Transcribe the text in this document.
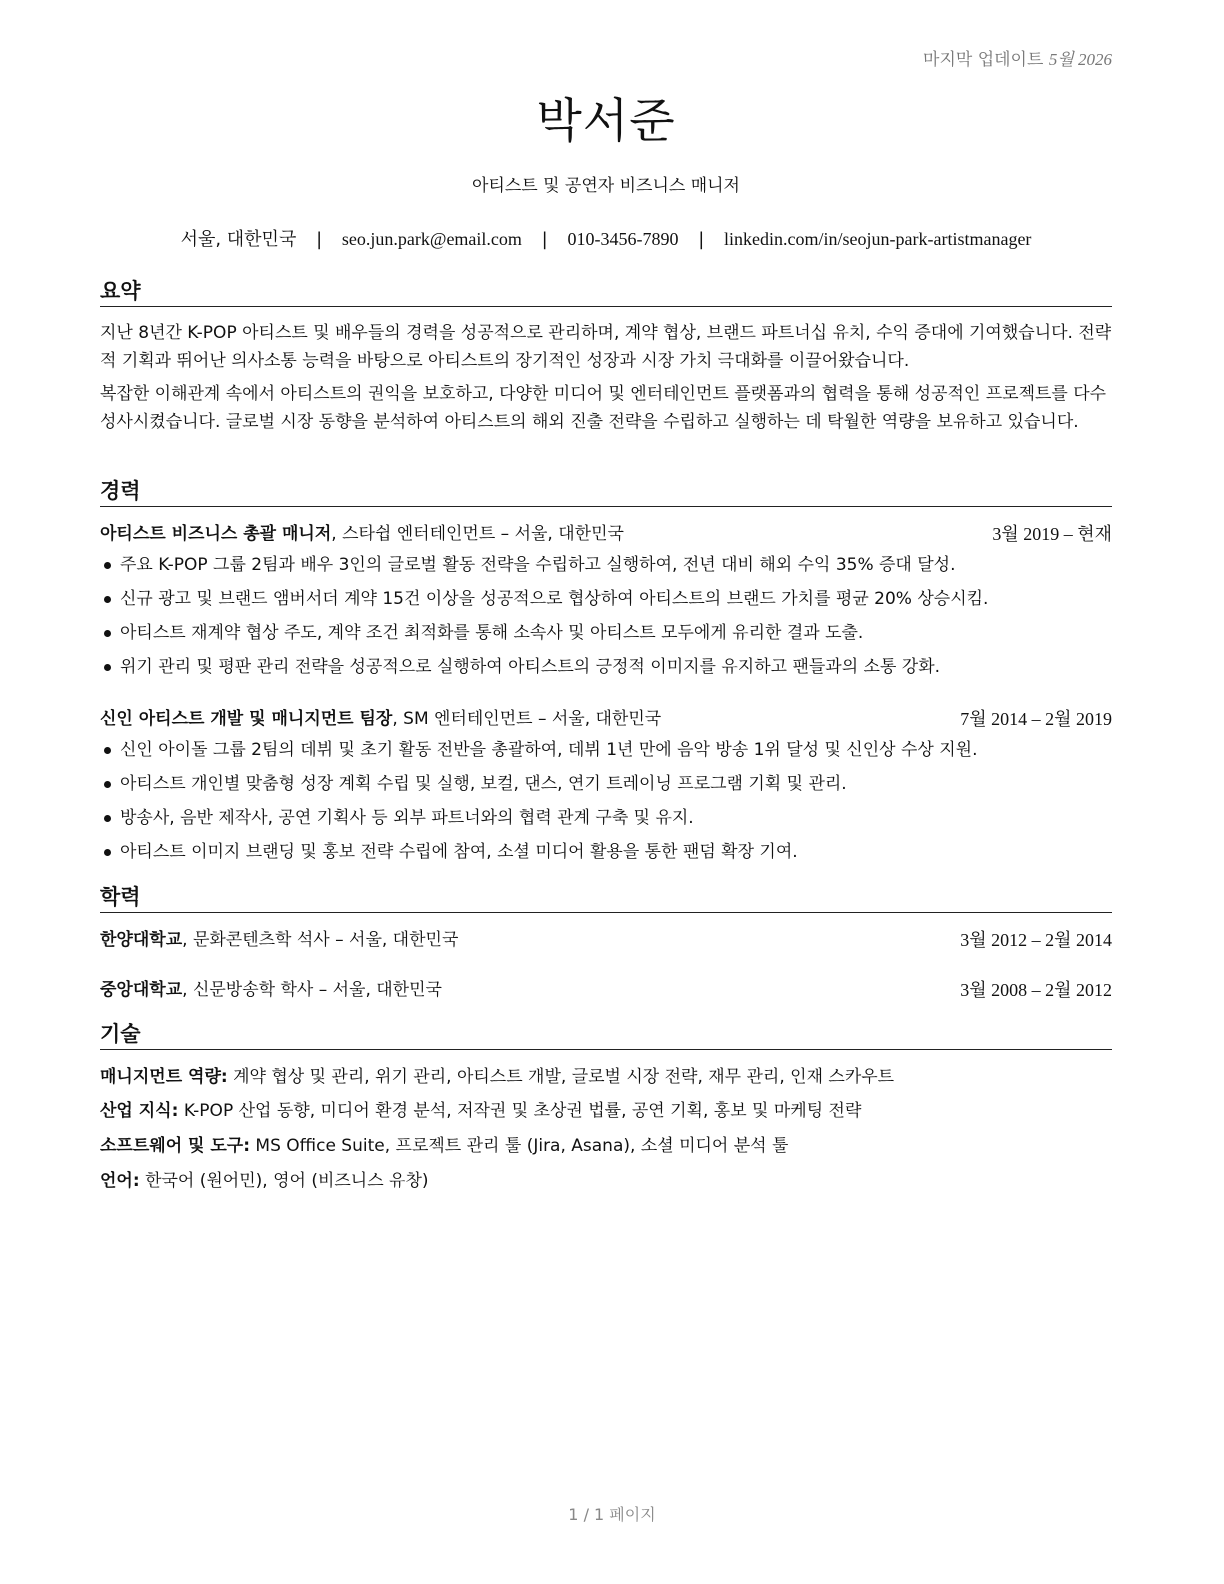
마지막 업데이트 5월 2026
박서준
아티스트 및 공연자 비즈니스 매니저
서울, 대한민국 | seo.jun.park@email.com | 010-3456-7890 | linkedin.com/in/seojun-park-artistmanager
요약

지난 8년간 K-POP 아티스트 및 배우들의 경력을 성공적으로 관리하며, 계약 협상, 브랜드 파트너십 유치, 수익 증대에 기여했습니다. 전략적 기획과 뛰어난 의사소통 능력을 바탕으로 아티스트의 장기적인 성장과 시장 가치 극대화를 이끌어왔습니다.

복잡한 이해관계 속에서 아티스트의 권익을 보호하고, 다양한 미디어 및 엔터테인먼트 플랫폼과의 협력을 통해 성공적인 프로젝트를 다수 성사시켰습니다. 글로벌 시장 동향을 분석하여 아티스트의 해외 진출 전략을 수립하고 실행하는 데 탁월한 역량을 보유하고 있습니다.

경력
아티스트 비즈니스 총괄 매니저, 스타쉽 엔터테인먼트 – 서울, 대한민국	3월 2019 – 현재
주요 K-POP 그룹 2팀과 배우 3인의 글로벌 활동 전략을 수립하고 실행하여, 전년 대비 해외 수익 35% 증대 달성.
신규 광고 및 브랜드 앰버서더 계약 15건 이상을 성공적으로 협상하여 아티스트의 브랜드 가치를 평균 20% 상승시킴.
아티스트 재계약 협상 주도, 계약 조건 최적화를 통해 소속사 및 아티스트 모두에게 유리한 결과 도출.
위기 관리 및 평판 관리 전략을 성공적으로 실행하여 아티스트의 긍정적 이미지를 유지하고 팬들과의 소통 강화.
신인 아티스트 개발 및 매니지먼트 팀장, SM 엔터테인먼트 – 서울, 대한민국	7월 2014 – 2월 2019
신인 아이돌 그룹 2팀의 데뷔 및 초기 활동 전반을 총괄하여, 데뷔 1년 만에 음악 방송 1위 달성 및 신인상 수상 지원.
아티스트 개인별 맞춤형 성장 계획 수립 및 실행, 보컬, 댄스, 연기 트레이닝 프로그램 기획 및 관리.
방송사, 음반 제작사, 공연 기획사 등 외부 파트너와의 협력 관계 구축 및 유지.
아티스트 이미지 브랜딩 및 홍보 전략 수립에 참여, 소셜 미디어 활용을 통한 팬덤 확장 기여.
학력
한양대학교, 문화콘텐츠학 석사 – 서울, 대한민국	3월 2012 – 2월 2014
중앙대학교, 신문방송학 학사 – 서울, 대한민국	3월 2008 – 2월 2012
기술
매니지먼트 역량: 계약 협상 및 관리, 위기 관리, 아티스트 개발, 글로벌 시장 전략, 재무 관리, 인재 스카우트
산업 지식: K-POP 산업 동향, 미디어 환경 분석, 저작권 및 초상권 법률, 공연 기획, 홍보 및 마케팅 전략
소프트웨어 및 도구: MS Office Suite, 프로젝트 관리 툴 (Jira, Asana), 소셜 미디어 분석 툴
언어: 한국어 (원어민), 영어 (비즈니스 유창)
1 / 1 페이지
